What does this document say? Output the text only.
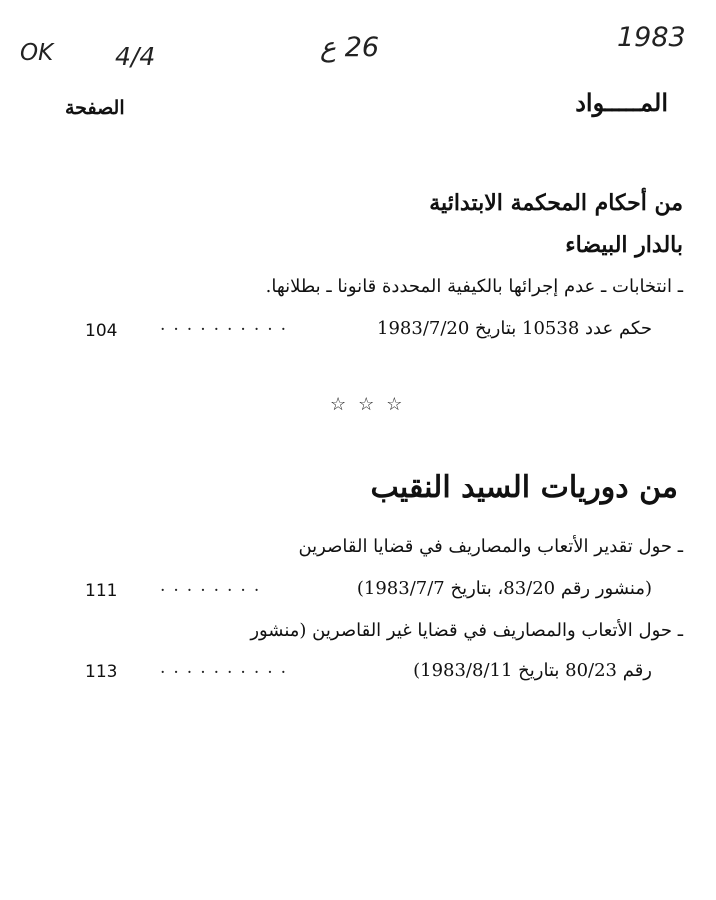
OK 4/4	26 ع	1983
المـــــواد
الصفحة
من أحكام المحكمة الابتدائية
بالدار البيضاء
ـ انتخابات ـ عدم إجرائها بالكيفية المحددة قانونا ـ بطلانها.
حكم عدد 10538 بتاريخ 1983/7/20
..........
104
☆☆☆
من دوريات السيد النقيب
ـ حول تقدير الأتعاب والمصاريف في قضايا القاصرين
(منشور رقم 83/20، بتاريخ 1983/7/7)
........
111
ـ حول الأتعاب والمصاريف في قضايا غير القاصرين (منشور
رقم 80/23 بتاريخ 1983/8/11)
..........
113
